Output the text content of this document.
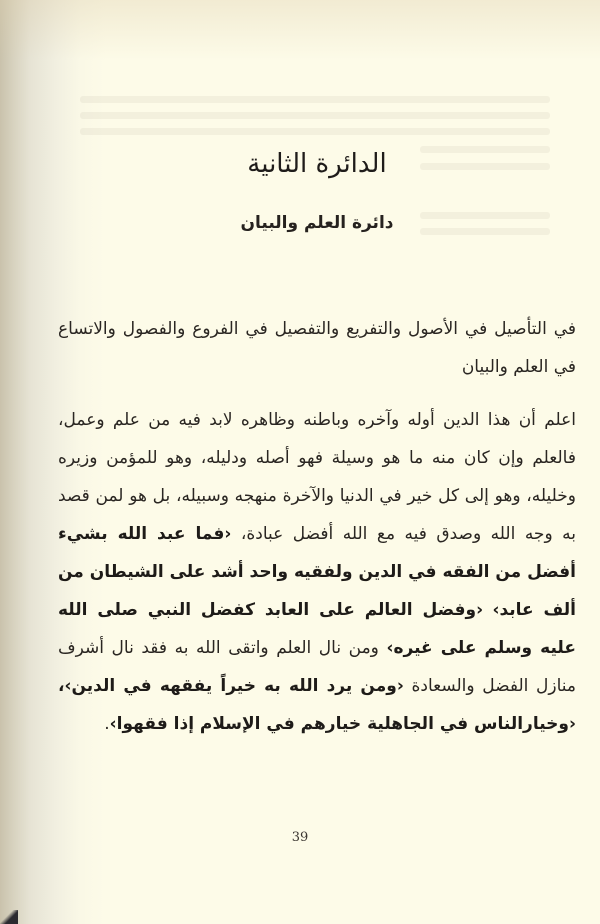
الدائرة الثانية
دائرة العلم والبيان

في التأصيل في الأصول والتفريع والتفصيل في الفروع والفصول والاتساع في العلم والبيان

اعلم أن هذا الدين أوله وآخره وباطنه وظاهره لابد فيه من علم وعمل، فالعلم وإن كان منه ما هو وسيلة فهو أصله ودليله، وهو للمؤمن وزيره وخليله، وهو إلى كل خير في الدنيا والآخرة منهجه وسبيله، بل هو لمن قصد به وجه الله وصدق فيه مع الله أفضل عبادة، ‹فما عبد الله بشيء أفضل من الفقه في الدين ولفقيه واحد أشد على الشيطان من ألف عابد› ‹وفضل العالم على العابد كفضل النبي صلى الله عليه وسلم على غيره› ومن نال العلم واتقى الله به فقد نال أشرف منازل الفضل والسعادة ‹ومن يرد الله به خيراً يفقهه في الدين›، ‹وخيارالناس في الجاهلية خيارهم في الإسلام إذا فقهوا›.

39
